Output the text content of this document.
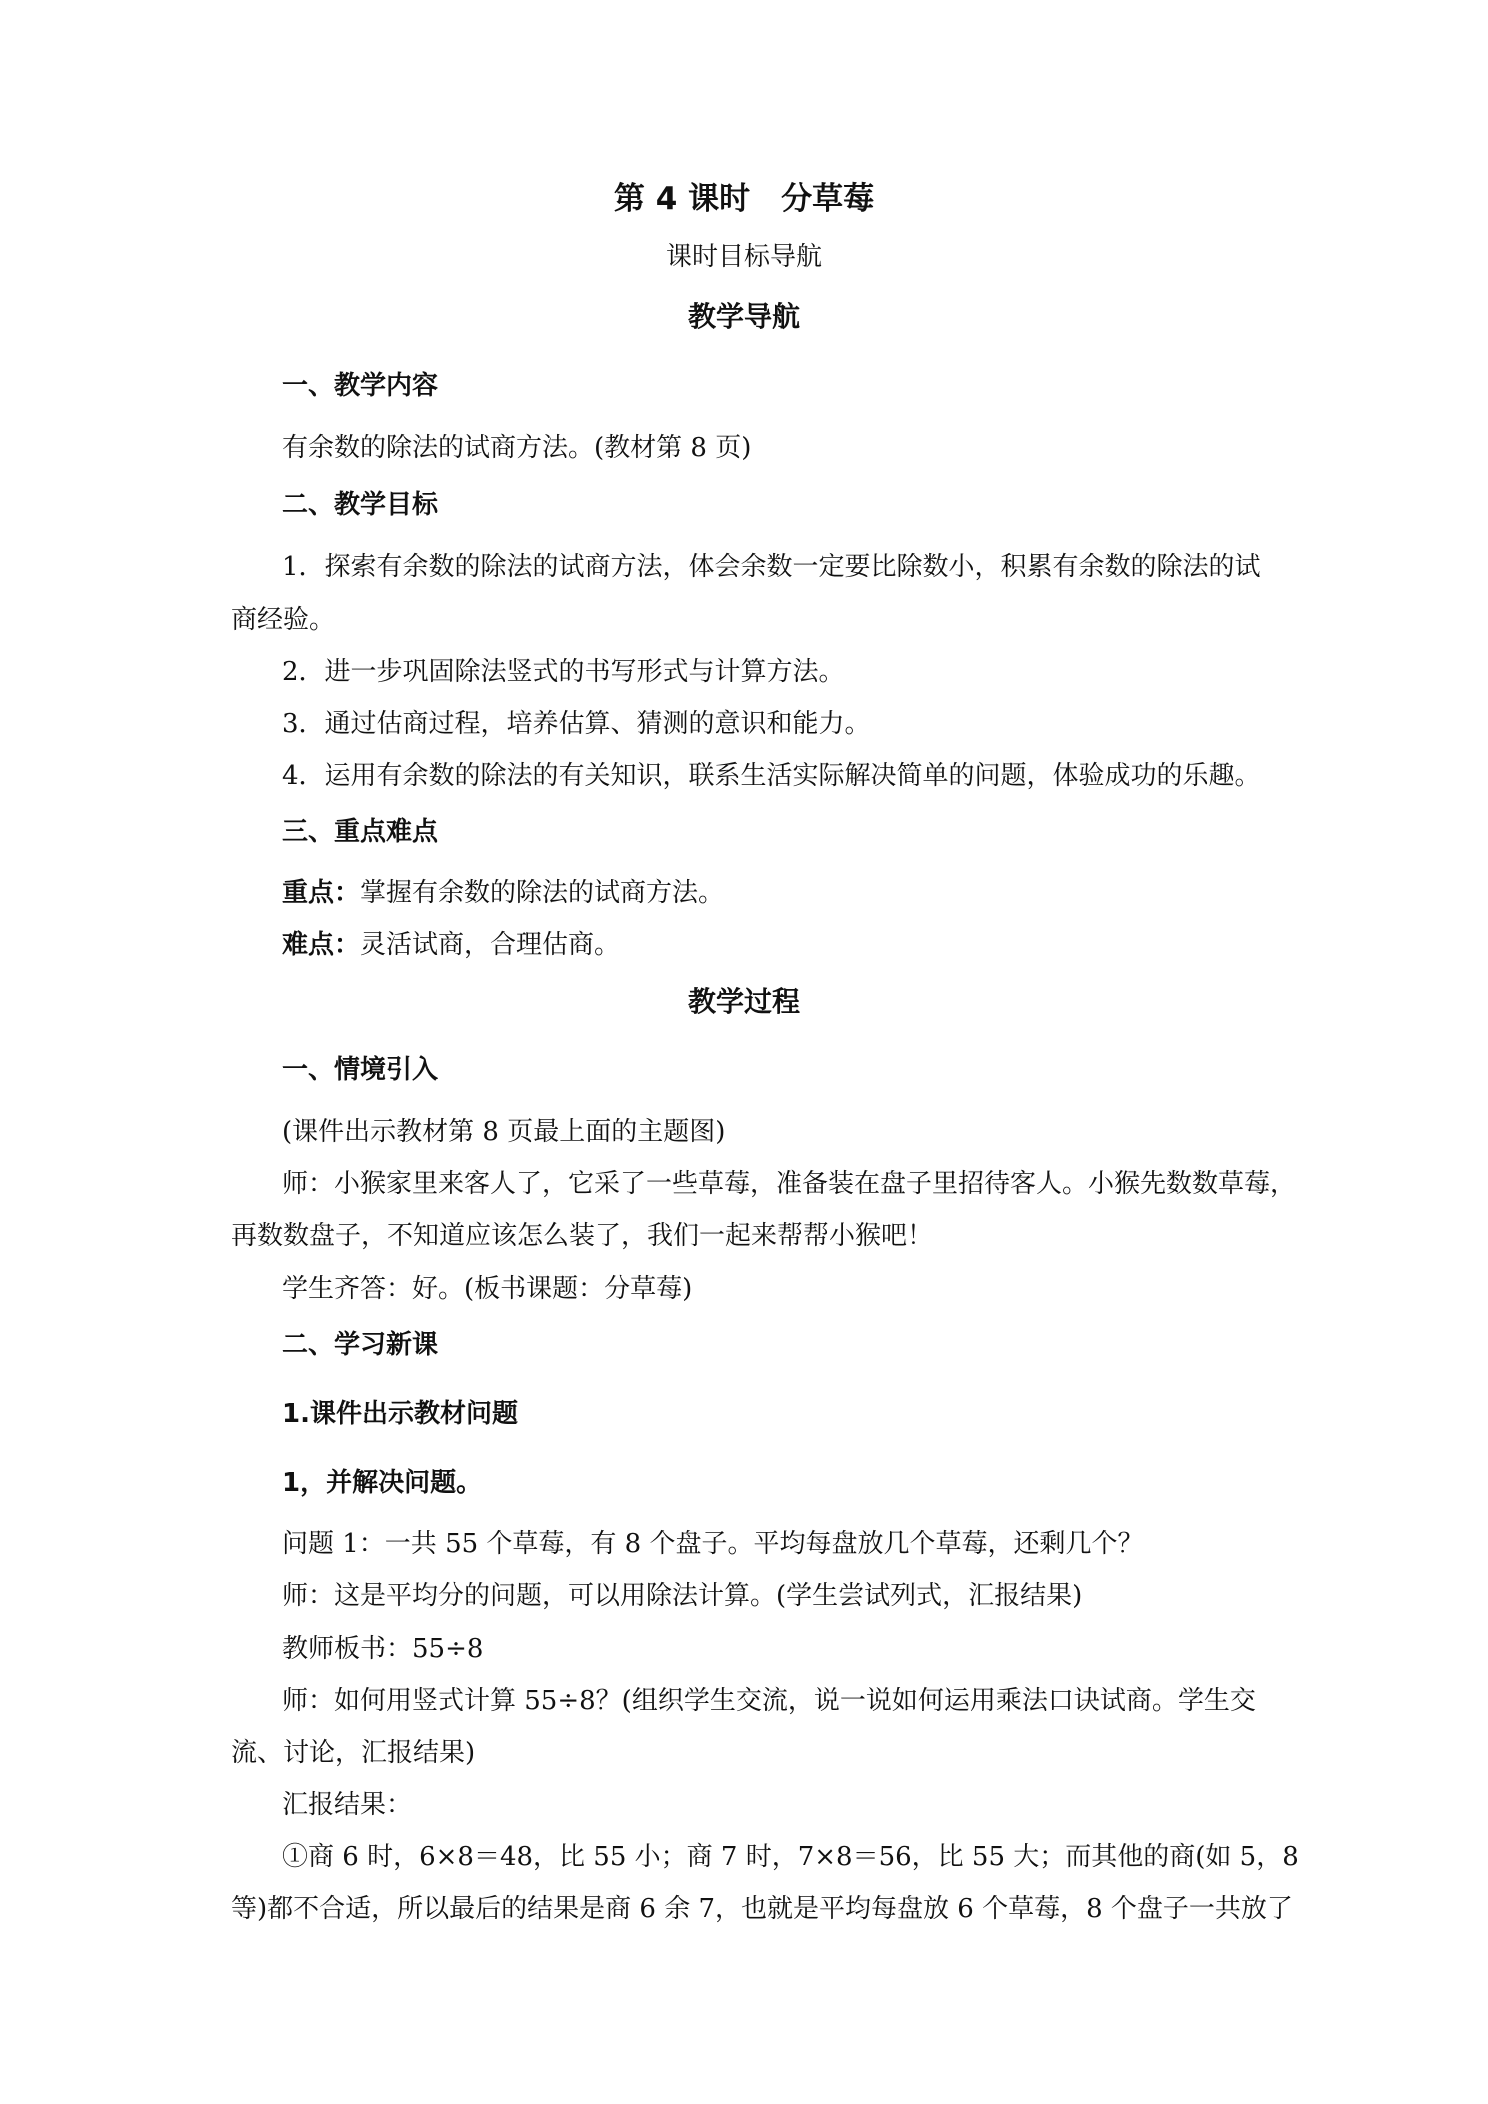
第 4 课时　分草莓
课时目标导航
教学导航
一、教学内容
有余数的除法的试商方法。(教材第 8 页)
二、教学目标
1．探索有余数的除法的试商方法，体会余数一定要比除数小，积累有余数的除法的试
商经验。
2．进一步巩固除法竖式的书写形式与计算方法。
3．通过估商过程，培养估算、猜测的意识和能力。
4．运用有余数的除法的有关知识，联系生活实际解决简单的问题，体验成功的乐趣。
三、重点难点
重点：掌握有余数的除法的试商方法。
难点：灵活试商，合理估商。
教学过程
一、情境引入
(课件出示教材第 8 页最上面的主题图)
师：小猴家里来客人了，它采了一些草莓，准备装在盘子里招待客人。小猴先数数草莓，
再数数盘子，不知道应该怎么装了，我们一起来帮帮小猴吧！
学生齐答：好。(板书课题：分草莓)
二、学习新课
1.课件出示教材问题
1，并解决问题。
问题 1：一共 55 个草莓，有 8 个盘子。平均每盘放几个草莓，还剩几个？
师：这是平均分的问题，可以用除法计算。(学生尝试列式，汇报结果)
教师板书：55÷8
师：如何用竖式计算 55÷8？(组织学生交流，说一说如何运用乘法口诀试商。学生交
流、讨论，汇报结果)
汇报结果：
①商 6 时，6×8＝48，比 55 小；商 7 时，7×8＝56，比 55 大；而其他的商(如 5，8
等)都不合适，所以最后的结果是商 6 余 7，也就是平均每盘放 6 个草莓，8 个盘子一共放了
